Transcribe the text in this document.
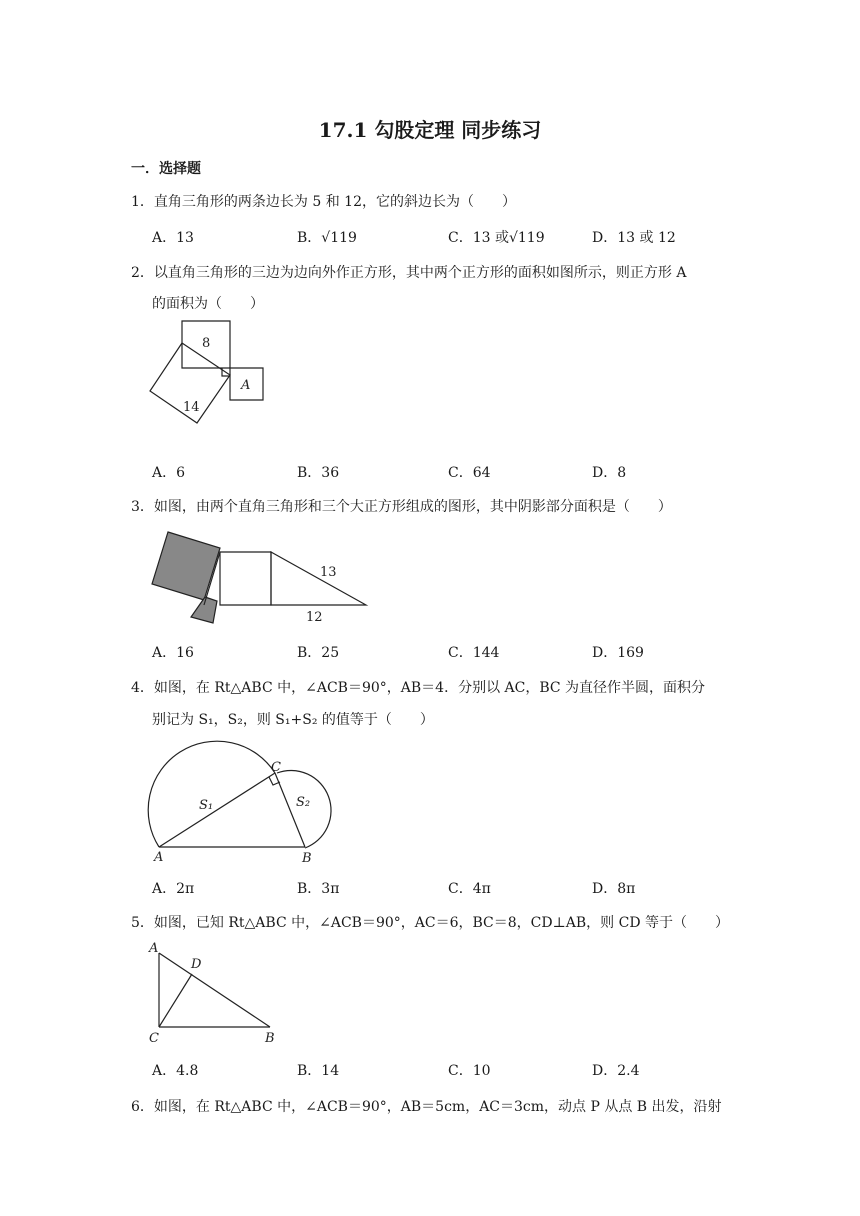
17.1 勾股定理 同步练习
一．选择题
1．直角三角形的两条边长为 5 和 12，它的斜边长为（　　）
A．13	B．√119	C．13 或√119	D．13 或 12
2．以直角三角形的三边为边向外作正方形，其中两个正方形的面积如图所示，则正方形 A
的面积为（　　）
8
A
14
A．6	B．36	C．64	D．8
3．如图，由两个直角三角形和三个大正方形组成的图形，其中阴影部分面积是（　　）
13
12
A．16	B．25	C．144	D．169
4．如图，在 Rt△ABC 中，∠ACB＝90°，AB＝4．分别以 AC，BC 为直径作半圆，面积分
别记为 S₁，S₂，则 S₁+S₂ 的值等于（　　）
A	B
C
S₁	S₂
A．2π	B．3π	C．4π	D．8π
5．如图，已知 Rt△ABC 中，∠ACB＝90°，AC＝6，BC＝8，CD⊥AB，则 CD 等于（　　）
A
D
C	B
A．4.8	B．14	C．10	D．2.4
6．如图，在 Rt△ABC 中，∠ACB＝90°，AB＝5cm，AC＝3cm，动点 P 从点 B 出发，沿射
